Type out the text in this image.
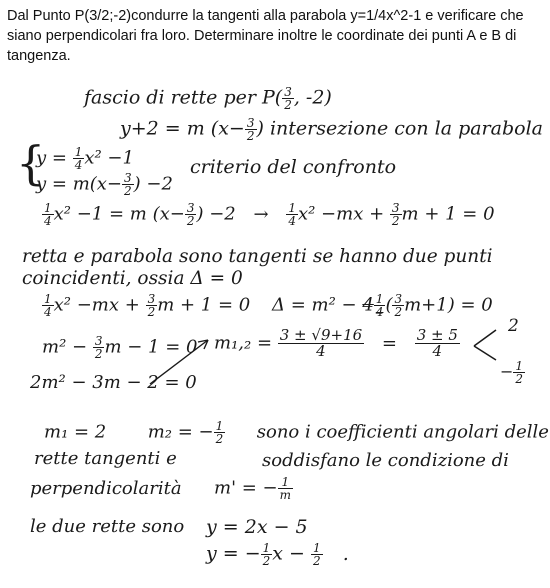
Dal Punto P(3/2;-2)condurre la tangenti alla parabola y=1/4x^2-1 e verificare che siano perpendicolari fra loro. Determinare inoltre le coordinate dei punti A e B di tangenza.
fascio di rette per $P( \frac{3}{2}$ , -2)
y+2 = m ($x- \frac{3}{2}$ ) intersezione con la parabola
{
$y = \frac{1}{4} x^2 -1$
$y = m(x- \frac{3}{2}$ ) −2
criterio del confronto
$\frac{1}{4} x^2 -1 = m$ ($x- \frac{3}{2}$ ) $-2 \to \frac{1}{4} x^2 -mx + \frac{3}{2}$ m + 1 = 0
retta e parabola sono tangenti se hanno due punti
coincidenti, ossia Δ = 0
$\frac{1}{4} x^2 -mx + \frac{3}{2}$ m + 1 = 0 $\Delta = m^2 - 4 \frac{1}{4}$ ( $\frac{3}{2} m+1) = 0$
$m^2 - \frac{3}{2}$ m − 1 = 0 $m_1,_2 = \frac{3 \pm √9+16}{4} = \frac{3 \pm 5}{4}$
2
− $\frac{1}{2}$
2m² − 3m − 2 = 0
m₁ = 2 m₂ = − $\frac{1}{2}$ sono i coefficienti angolari delle
rette tangenti e	soddisfano le condizione di
perpendicolarità m' = − $\frac{1}{m}$
le due rette sono y = 2x − 5
y = − $\frac{1}{2}$ $x - \frac{1}{2}$ .
